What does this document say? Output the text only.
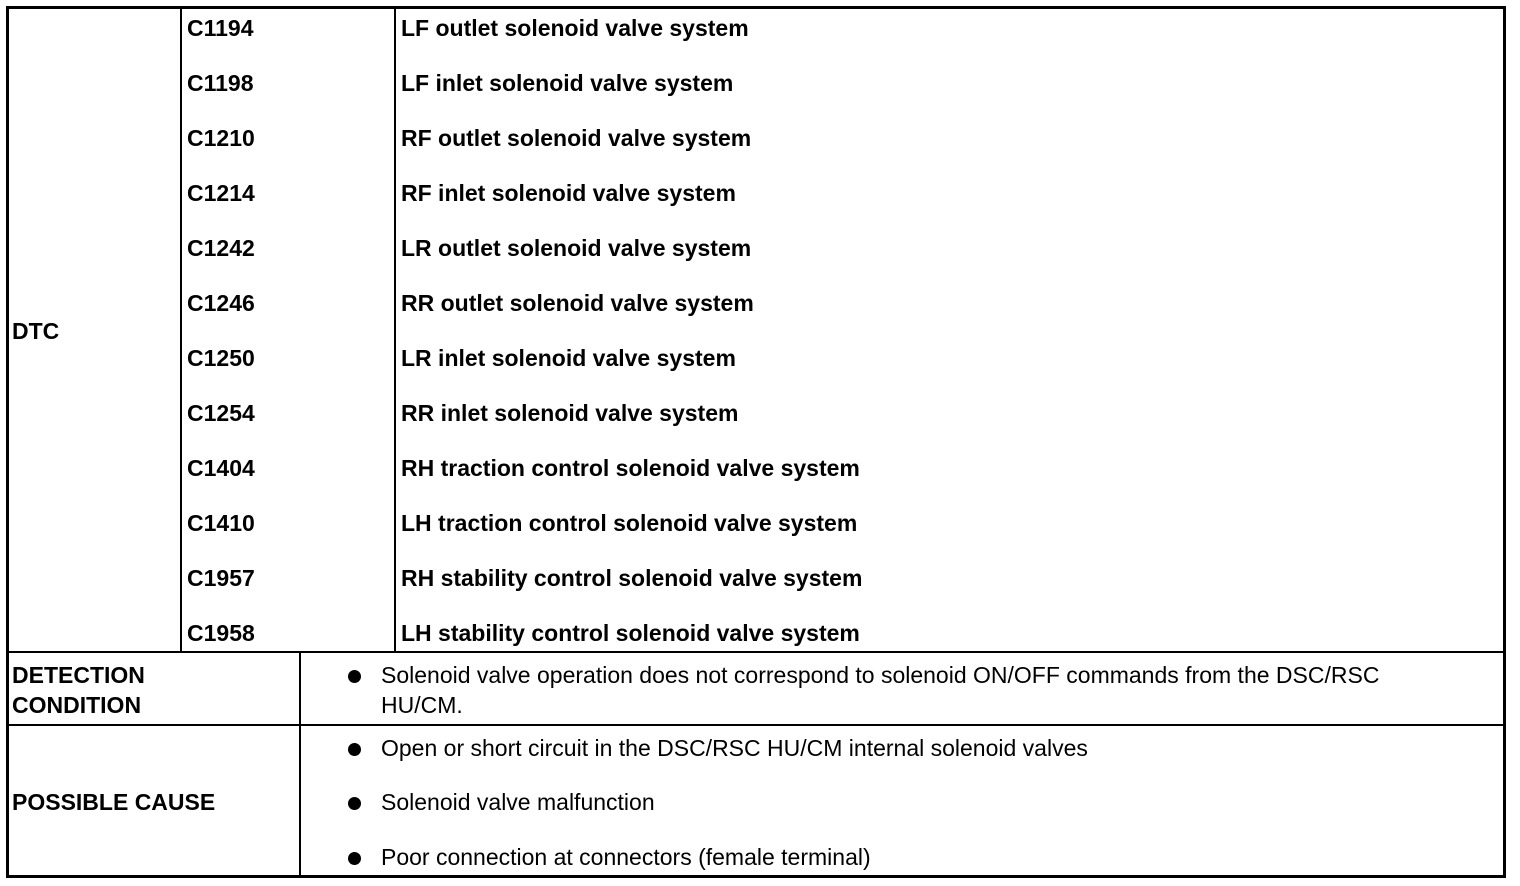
DTC
C1194	LF outlet solenoid valve system
C1198	LF inlet solenoid valve system
C1210	RF outlet solenoid valve system
C1214	RF inlet solenoid valve system
C1242	LR outlet solenoid valve system
C1246	RR outlet solenoid valve system
C1250	LR inlet solenoid valve system
C1254	RR inlet solenoid valve system
C1404	RH traction control solenoid valve system
C1410	LH traction control solenoid valve system
C1957	RH stability control solenoid valve system
C1958	LH stability control solenoid valve system
DETECTION
CONDITION
Solenoid valve operation does not correspond to solenoid ON/OFF commands from the DSC/RSC
HU/CM.
POSSIBLE CAUSE
Open or short circuit in the DSC/RSC HU/CM internal solenoid valves
Solenoid valve malfunction
Poor connection at connectors (female terminal)
